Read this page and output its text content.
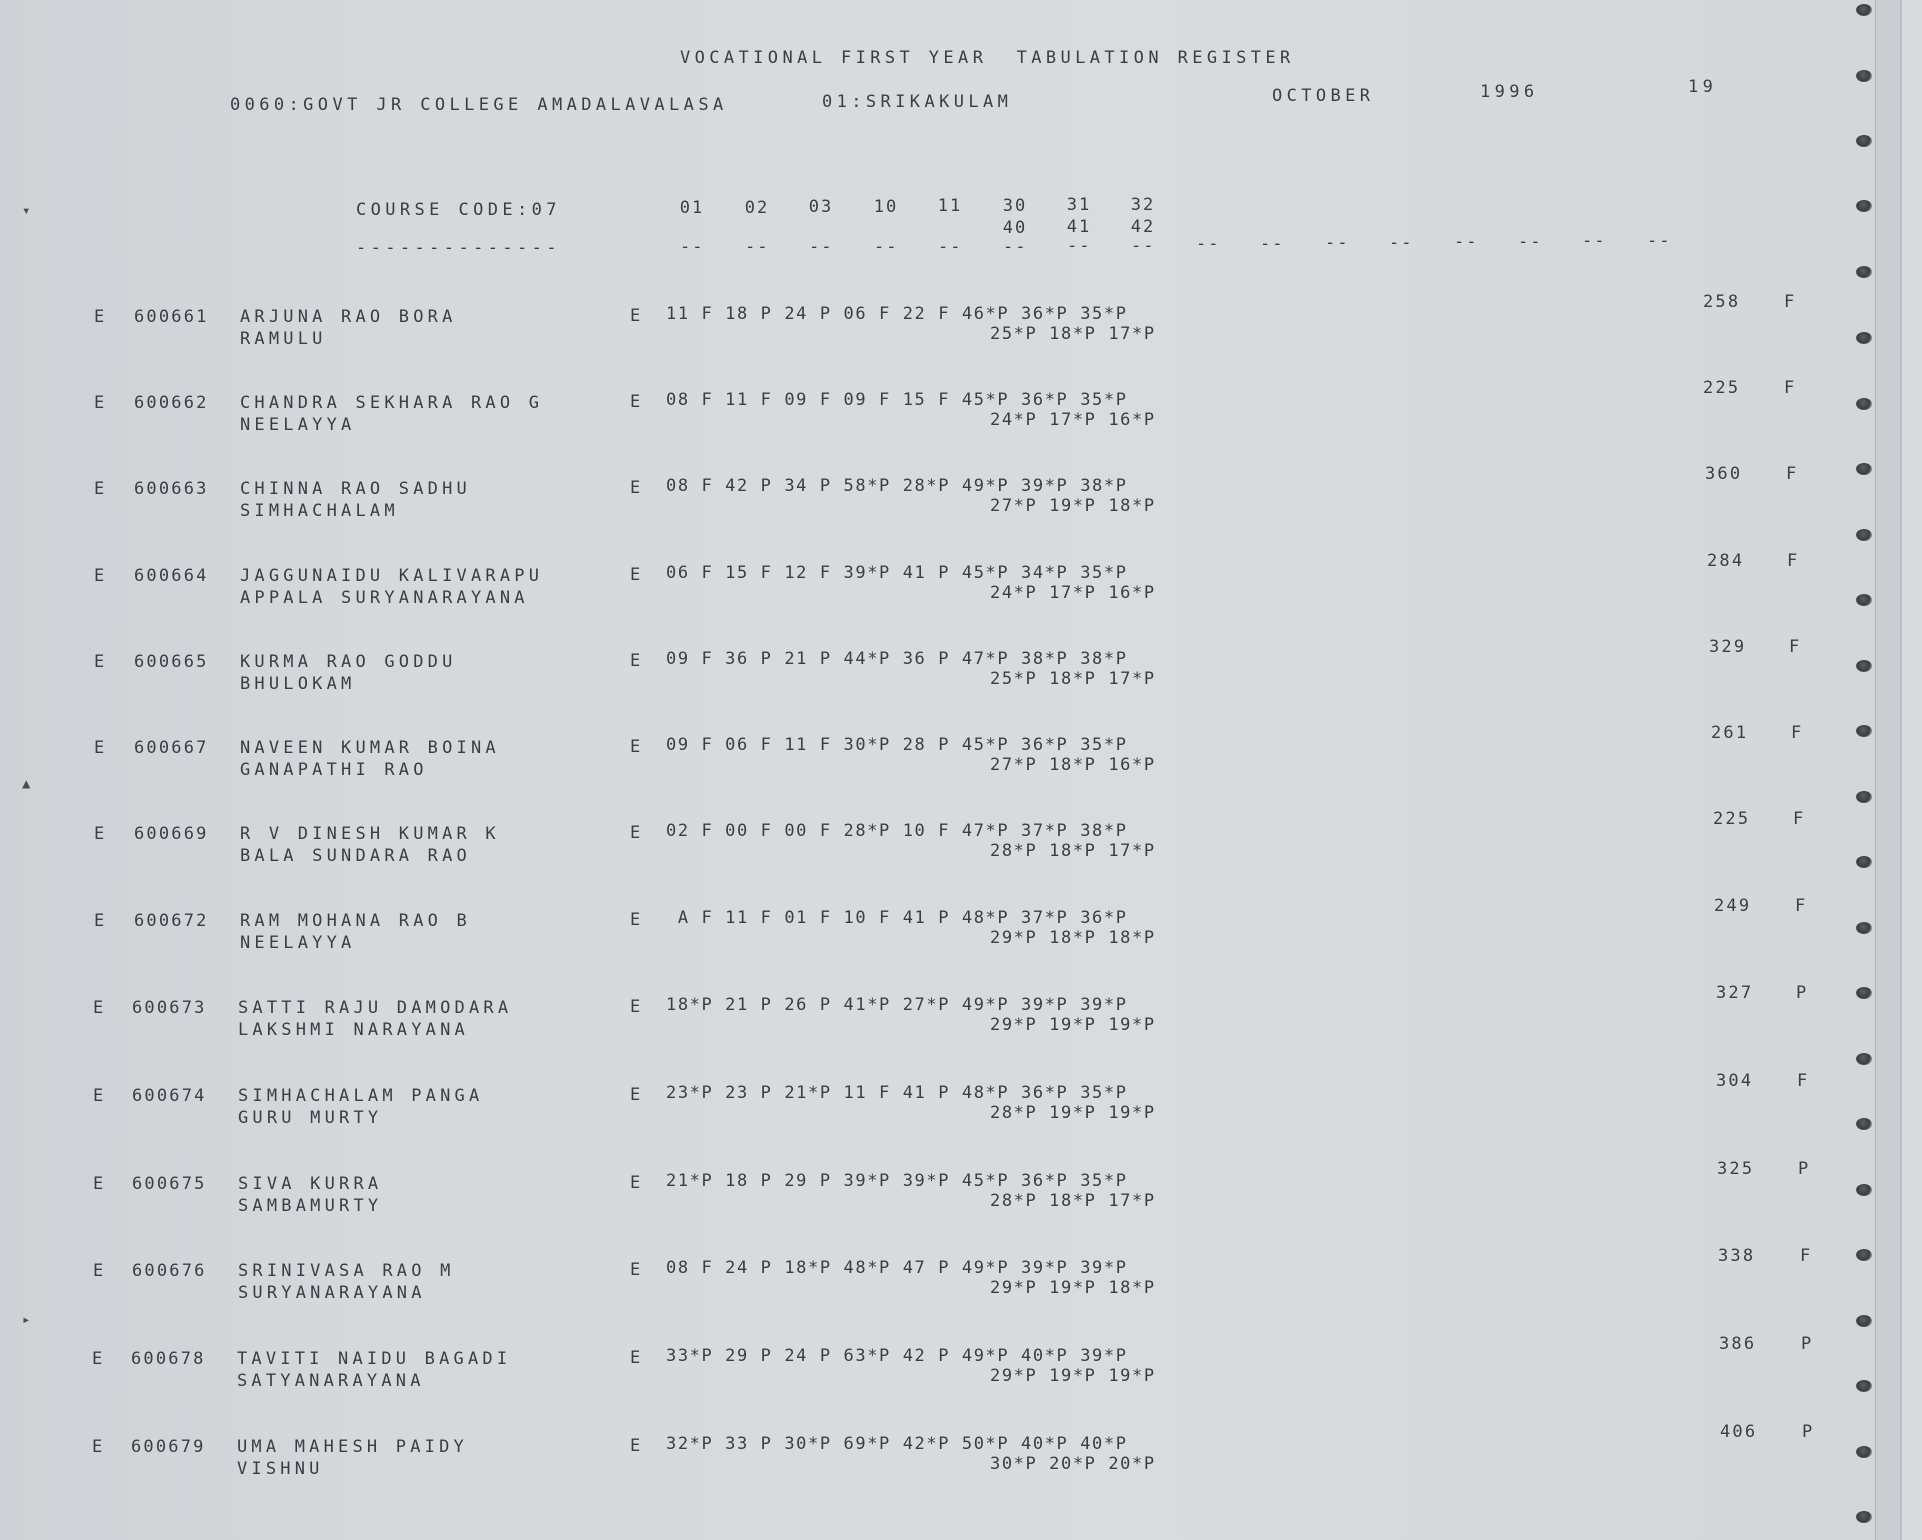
▾
▲
▸
VOCATIONAL FIRST YEAR  TABULATION REGISTER
0060:GOVT JR COLLEGE AMADALAVALASA	01:SRIKAKULAM	OCTOBER	1996	19
COURSE CODE:07
--------------
01	02	03	10	11	30	31	32
40	41	42
-- -- -- -- -- -- -- -- -- -- -- -- -- -- -- --
E 600661 ARJUNA RAO BORA
RAMULU
E 11 F 18 P 24 P 06 F 22 F 46*P 36*P 35*P
25*P 18*P 17*P
258	F
E 600662 CHANDRA SEKHARA RAO G
NEELAYYA
E 08 F 11 F 09 F 09 F 15 F 45*P 36*P 35*P
24*P 17*P 16*P
225	F
E 600663 CHINNA RAO SADHU
SIMHACHALAM
E 08 F 42 P 34 P 58*P 28*P 49*P 39*P 38*P
27*P 19*P 18*P
360	F
E 600664 JAGGUNAIDU KALIVARAPU
APPALA SURYANARAYANA
E 06 F 15 F 12 F 39*P 41 P 45*P 34*P 35*P
24*P 17*P 16*P
284	F
E 600665 KURMA RAO GODDU
BHULOKAM
E 09 F 36 P 21 P 44*P 36 P 47*P 38*P 38*P
25*P 18*P 17*P
329	F
E 600667 NAVEEN KUMAR BOINA
GANAPATHI RAO
E 09 F 06 F 11 F 30*P 28 P 45*P 36*P 35*P
27*P 18*P 16*P
261	F
E 600669 R V DINESH KUMAR K
BALA SUNDARA RAO
E 02 F 00 F 00 F 28*P 10 F 47*P 37*P 38*P
28*P 18*P 17*P
225	F
E 600672 RAM MOHANA RAO B
NEELAYYA
E A F 11 F 01 F 10 F 41 P 48*P 37*P 36*P
29*P 18*P 18*P
249	F
E 600673 SATTI RAJU DAMODARA
LAKSHMI NARAYANA
E 18*P 21 P 26 P 41*P 27*P 49*P 39*P 39*P
29*P 19*P 19*P
327	P
E 600674 SIMHACHALAM PANGA
GURU MURTY
E 23*P 23 P 21*P 11 F 41 P 48*P 36*P 35*P
28*P 19*P 19*P
304	F
E 600675 SIVA KURRA
SAMBAMURTY
E 21*P 18 P 29 P 39*P 39*P 45*P 36*P 35*P
28*P 18*P 17*P
325	P
E 600676 SRINIVASA RAO M
SURYANARAYANA
E 08 F 24 P 18*P 48*P 47 P 49*P 39*P 39*P
29*P 19*P 18*P
338	F
E 600678 TAVITI NAIDU BAGADI
SATYANARAYANA
E 33*P 29 P 24 P 63*P 42 P 49*P 40*P 39*P
29*P 19*P 19*P
386	P
E 600679 UMA MAHESH PAIDY
VISHNU
E 32*P 33 P 30*P 69*P 42*P 50*P 40*P 40*P
30*P 20*P 20*P
406	P
